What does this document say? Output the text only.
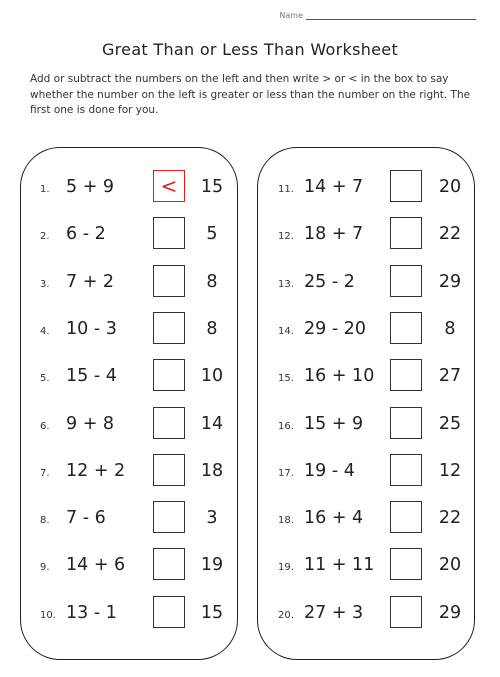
Name
Great Than or Less Than Worksheet
Add or subtract the numbers on the left and then write > or < in the box to say whether the number on the left is greater or less than the number on the right. The first one is done for you.
1. 5 + 9	<	15
2. 6 - 2	5
3. 7 + 2	8
4. 10 - 3	8
5. 15 - 4	10
6. 9 + 8	14
7. 12 + 2	18
8. 7 - 6	3
9. 14 + 6	19
10. 13 - 1	15
11. 14 + 7	20
12. 18 + 7	22
13. 25 - 2	29
14. 29 - 20	8
15. 16 + 10	27
16. 15 + 9	25
17. 19 - 4	12
18. 16 + 4	22
19. 11 + 11	20
20. 27 + 3	29
